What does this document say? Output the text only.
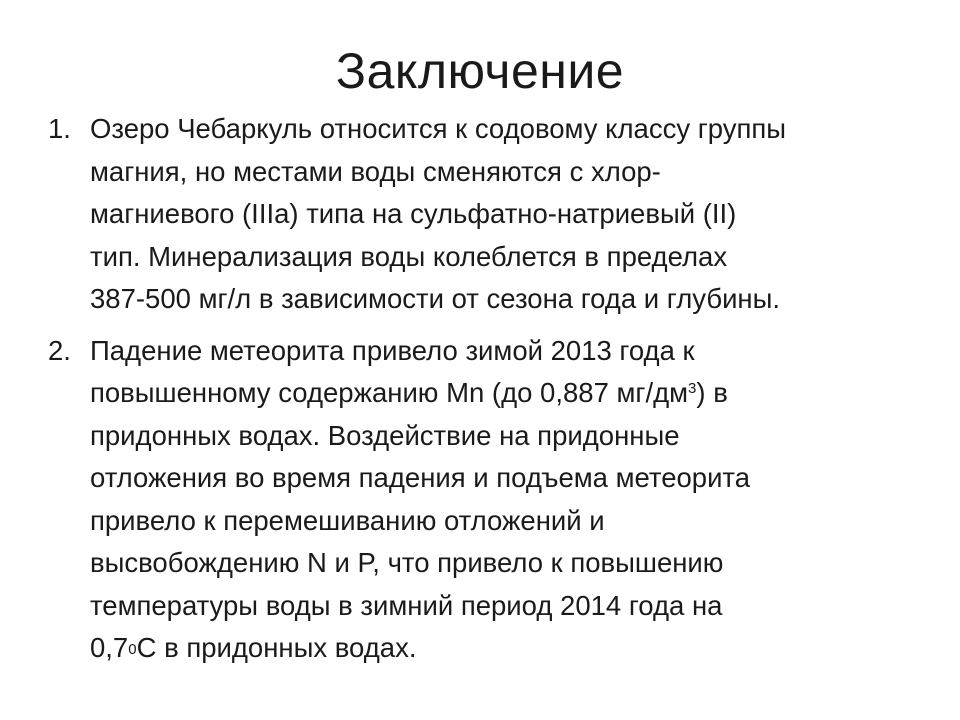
Заключение
1. Озеро Чебаркуль относится к содовому классу группы
магния, но местами воды сменяются с хлор-
магниевого (IIIa) типа на сульфатно-натриевый (II)
тип. Минерализация воды колеблется в пределах
387-500 мг/л в зависимости от сезона года и глубины.
2. Падение метеорита привело зимой 2013 года к
повышенному содержанию Mn (до 0,887 $мг/дм^3$) в
придонных водах. Воздействие на придонные
отложения во время падения и подъема метеорита
привело к перемешиванию отложений и
высвобождению N и P, что привело к повышению
температуры воды в зимний период 2014 года на
$0,7_0С$ в придонных водах.
